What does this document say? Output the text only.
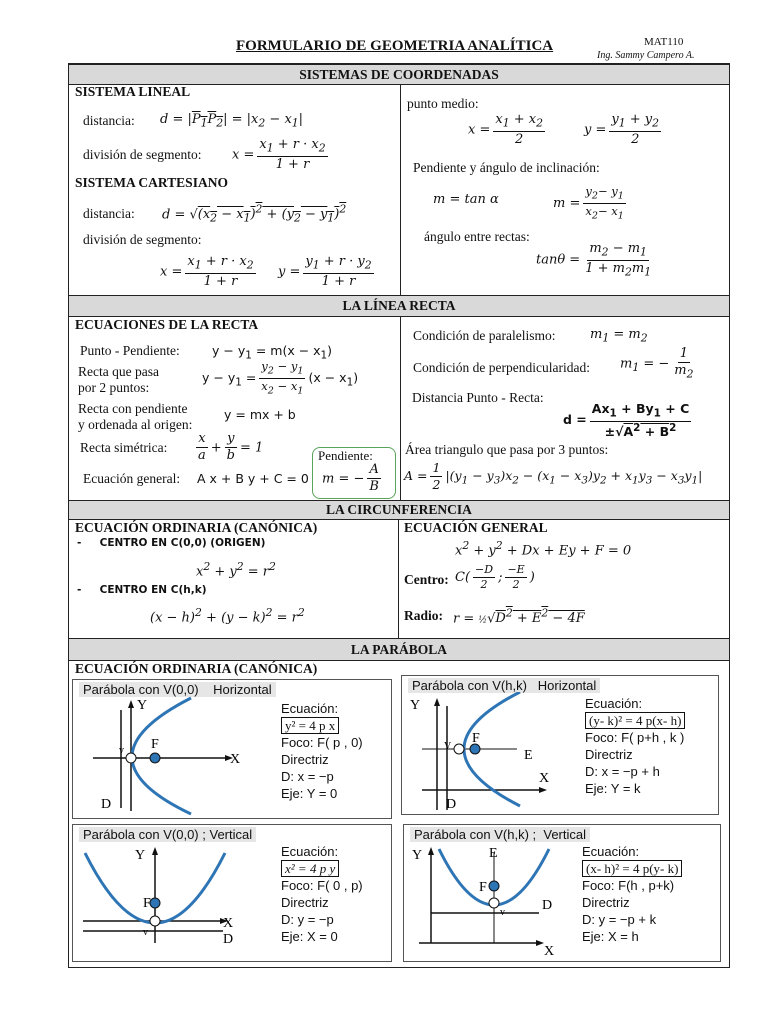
FORMULARIO DE GEOMETRIA ANALÍTICA	MAT110
Ing. Sammy Campero A.
SISTEMAS DE COORDENADAS
LA LÍNEA RECTA
LA CIRCUNFERENCIA
LA PARÁBOLA
SISTEMA LINEAL
distancia: $d = |P_1P_2| = |x_2 - x_1|$
división de segmento: $x = \frac{x_1 + r \cdot x_2}{1 + r}$
SISTEMA CARTESIANO
distancia: $d = √(x_2 - x_1)^2 + (y_2 - y_1)^2$
división de segmento:
$x = \frac{x_1 + r \cdot x_2}{1 + r}$ $y = \frac{y_1 + r \cdot y_2}{1 + r}$
punto medio:
$x = \frac{x_1 + x_2}{2}$	$y = \frac{y_1 + y_2}{2}$
Pendiente y ángulo de inclinación:
m = tan α	$m = \frac{y_2- y_1}{x_2- x_1}$
ángulo entre rectas:
$\tan\theta = \frac{m_2 - m_1}{1 + m_2m_1}$
ECUACIONES DE LA RECTA
Punto - Pendiente:	$y - y_1 = m(x - x_1)$
Recta que pasa
por 2 puntos:
$y - y_1 = \frac{y_2 - y_1}{x_2 - x_1} (x - x_1)$
Recta con pendiente
y ordenada al origen:
y = mx + b
Recta simétrica: $\frac{x}{a} + \frac{y}{b} = 1$
Ecuación general: A x + B y + C = 0
Pendiente:
m = − $\frac{A}{B}$
Condición de paralelismo:	$m_1 = m_2$
Condición de perpendicularidad: $m_1$ = − $\frac{1}{m_2}$
Distancia Punto - Recta:
$d = \frac{Ax_1 + By_1 + C}{\pm√A^2 + B^2}$
Área triangulo que pasa por 3 puntos:
$A = \frac{1}{2} |(y_1 - y_3)x_2 - (x_1 - x_3)y_2 + x_1y_3 - x_3y_1|$
ECUACIÓN ORDINARIA (CANÓNICA)
-     CENTRO EN C(0,0) (ORIGEN)
$x^2 + y^2 = r^2$
-     CENTRO EN C(h,k)
$(x - h)^2 + (y - k)^2 = r^2$
ECUACIÓN GENERAL
$x^2 + y^2 + Dx + Ey + F = 0$
Centro: $C( \frac{-D}{2}$ ; $\frac{-E}{2}$ )
Radio: $r = \frac{1}{2}√D^2 + E^2 - 4F$
ECUACIÓN ORDINARIA (CANÓNICA)
Parábola con V(0,0) Horizontal
Y
X
v F
D
Ecuación:
y² = 4 p x
Foco: F( p , 0)
Directriz
D: x = −p
Eje: Y = 0
Parábola con V(h,k) Horizontal
Y
X
E
V
F
D
Ecuación:
(y- k)² = 4 p(x- h)
Foco: F( p+h , k )
Directriz
D: x = −p + h
Eje: Y = k
Parábola con V(0,0) ; Vertical
Y
X
D
v
F
Ecuación:
x² = 4 p y
Foco: F( 0 , p)
Directriz
D: y = −p
Eje: X = 0
Parábola con V(h,k) ; Vertical
Y
X
E
D
v
F
Ecuación:
(x- h)² = 4 p(y- k)
Foco: F(h , p+k)
Directriz
D: y = −p + k
Eje: X = h
